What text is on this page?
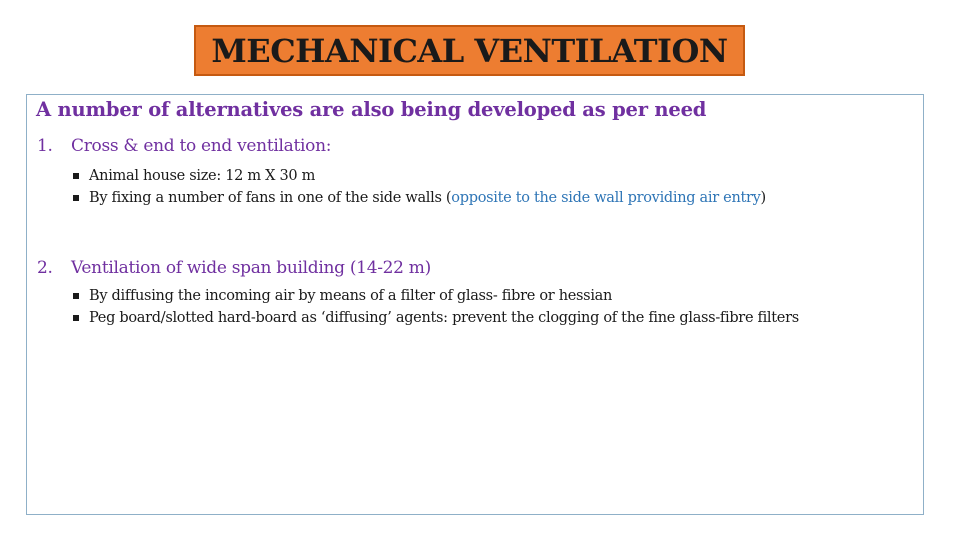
MECHANICAL VENTILATION
A number of alternatives are also being developed as per need
1. Cross & end to end ventilation:
Animal house size: 12 m X 30 m
By fixing a number of fans in one of the side walls (opposite to the side wall providing air entry)
2. Ventilation of wide span building (14-22 m)
By diffusing the incoming air by means of a filter of glass- fibre or hessian
Peg board/slotted hard-board as ‘diffusing’ agents: prevent the clogging of the fine glass-fibre filters
